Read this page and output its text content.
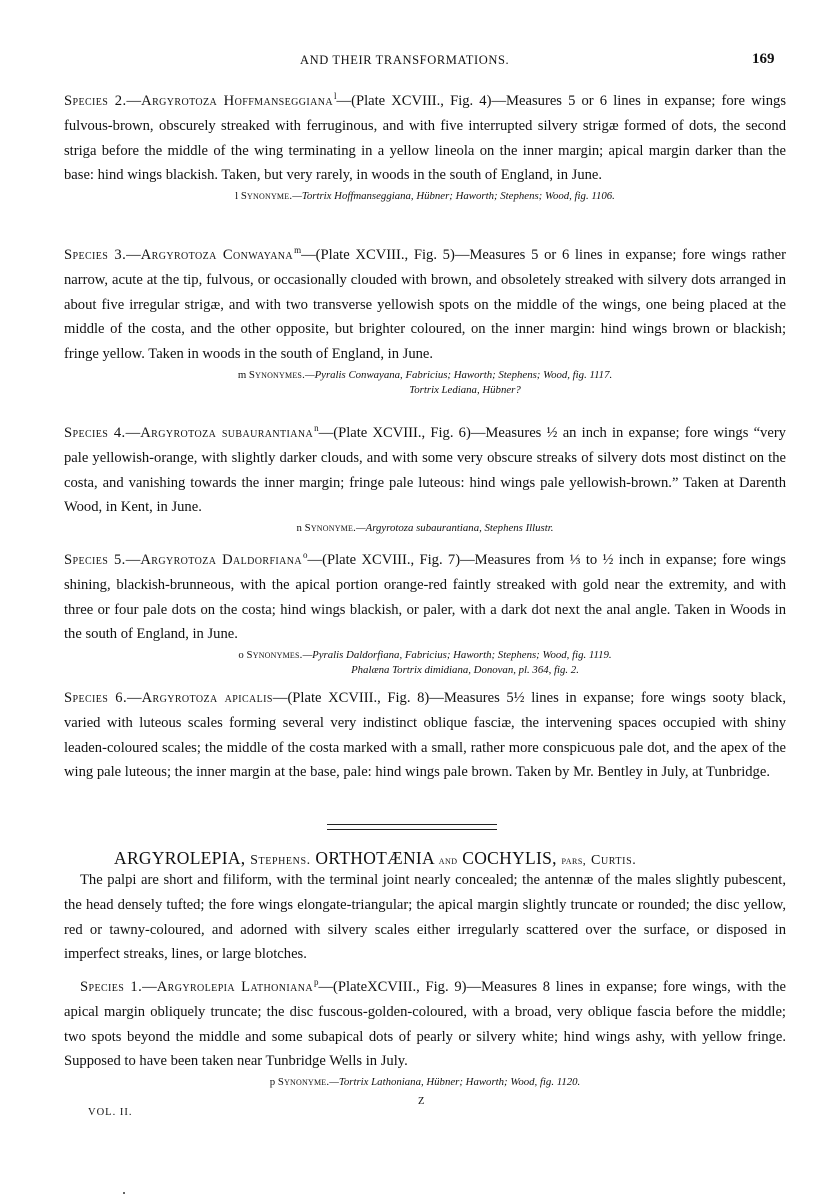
AND THEIR TRANSFORMATIONS.	169

Species 2.—Argyrotoza Hoffmanseggiana$^l$—(Plate XCVIII., Fig. 4)—Measures 5 or 6 lines in expanse; fore wings fulvous-brown, obscurely streaked with ferruginous, and with five interrupted silvery strigæ formed of dots, the second striga before the middle of the wing terminating in a yellow lineola on the inner margin; apical margin darker than the base: hind wings blackish. Taken, but very rarely, in woods in the south of England, in June.

l Synonyme.—Tortrix Hoffmanseggiana, Hübner; Haworth; Stephens; Wood, fig. 1106.

Species 3.—Argyrotoza Conwayana$^m$—(Plate XCVIII., Fig. 5)—Measures 5 or 6 lines in expanse; fore wings rather narrow, acute at the tip, fulvous, or occasionally clouded with brown, and obsoletely streaked with silvery dots arranged in about five irregular strigæ, and with two transverse yellowish spots on the middle of the wings, one being placed at the middle of the costa, and the other opposite, but brighter coloured, on the inner margin: hind wings brown or blackish; fringe yellow. Taken in woods in the south of England, in June.

m Synonymes.—Pyralis Conwayana, Fabricius; Haworth; Stephens; Wood, fig. 1117.
Tortrix Lediana, Hübner?

Species 4.—Argyrotoza subaurantiana$^n$—(Plate XCVIII., Fig. 6)—Measures ½ an inch in expanse; fore wings “very pale yellowish-orange, with slightly darker clouds, and with some very obscure streaks of silvery dots most distinct on the costa, and vanishing towards the inner margin; fringe pale luteous: hind wings pale yellowish-brown.” Taken at Darenth Wood, in Kent, in June.

n Synonyme.—Argyrotoza subaurantiana, Stephens Illustr.

Species 5.—Argyrotoza Daldorfiana$^o$—(Plate XCVIII., Fig. 7)—Measures from ⅓ to ½ inch in expanse; fore wings shining, blackish-brunneous, with the apical portion orange-red faintly streaked with gold near the extremity, and with three or four pale dots on the costa; hind wings blackish, or paler, with a dark dot next the anal angle. Taken in Woods in the south of England, in June.

o Synonymes.—Pyralis Daldorfiana, Fabricius; Haworth; Stephens; Wood, fig. 1119.
Phalæna Tortrix dimidiana, Donovan, pl. 364, fig. 2.

Species 6.—Argyrotoza apicalis—(Plate XCVIII., Fig. 8)—Measures 5½ lines in expanse; fore wings sooty black, varied with luteous scales forming several very indistinct oblique fasciæ, the intervening spaces occupied with shiny leaden-coloured scales; the middle of the costa marked with a small, rather more conspicuous pale dot, and the apex of the wing pale luteous; the inner margin at the base, pale: hind wings pale brown. Taken by Mr. Bentley in July, at Tunbridge.

ARGYROLEPIA, Stephens. ORTHOTÆNIA and COCHYLIS, pars, Curtis.

The palpi are short and filiform, with the terminal joint nearly concealed; the antennæ of the males slightly pubescent, the head densely tufted; the fore wings elongate-triangular; the apical margin slightly truncate or rounded; the disc yellow, red or tawny-coloured, and adorned with silvery scales either irregularly scattered over the surface, or disposed in imperfect streaks, lines, or large blotches.

Species 1.—Argyrolepia Lathoniana$^p$—(PlateXCVIII., Fig. 9)—Measures 8 lines in expanse; fore wings, with the apical margin obliquely truncate; the disc fuscous-golden-coloured, with a broad, very oblique fascia before the middle; two spots beyond the middle and some subapical dots of pearly or silvery white; hind wings ashy, with yellow fringe. Supposed to have been taken near Tunbridge Wells in July.

p Synonyme.—Tortrix Lathoniana, Hübner; Haworth; Wood, fig. 1120.

Z
VOL. II.
